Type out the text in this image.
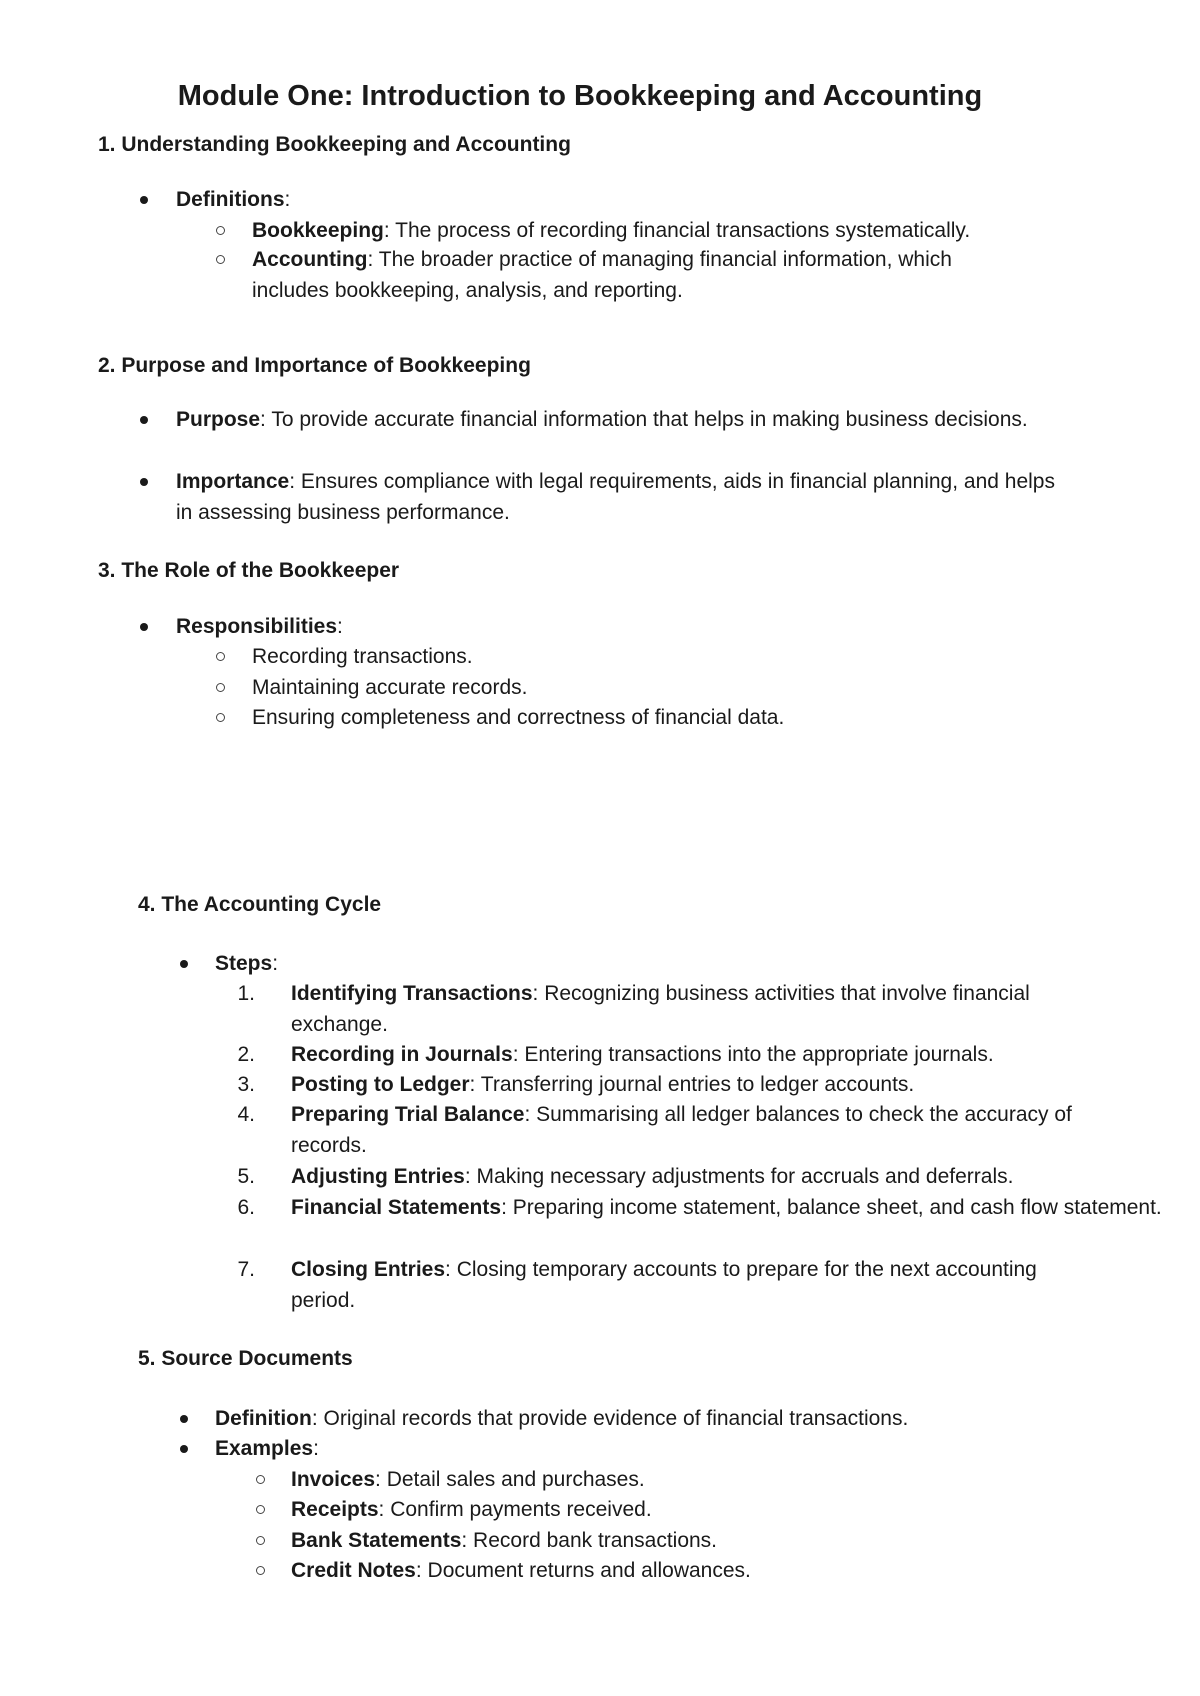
Module One: Introduction to Bookkeeping and Accounting
1. Understanding Bookkeeping and Accounting
Definitions:
Bookkeeping: The process of recording financial transactions systematically.
Accounting: The broader practice of managing financial information, which includes bookkeeping, analysis, and reporting.
2. Purpose and Importance of Bookkeeping
Purpose: To provide accurate financial information that helps in making business decisions.
Importance: Ensures compliance with legal requirements, aids in financial planning, and helps in assessing business performance.
3. The Role of the Bookkeeper
Responsibilities:
Recording transactions.
Maintaining accurate records.
Ensuring completeness and correctness of financial data.
4. The Accounting Cycle
Steps:
1. Identifying Transactions: Recognizing business activities that involve financial exchange.
2. Recording in Journals: Entering transactions into the appropriate journals.
3. Posting to Ledger: Transferring journal entries to ledger accounts.
4. Preparing Trial Balance: Summarising all ledger balances to check the accuracy of records.
5. Adjusting Entries: Making necessary adjustments for accruals and deferrals.
6. Financial Statements: Preparing income statement, balance sheet, and cash flow statement.
7. Closing Entries: Closing temporary accounts to prepare for the next accounting period.
5. Source Documents
Definition: Original records that provide evidence of financial transactions.
Examples:
Invoices: Detail sales and purchases.
Receipts: Confirm payments received.
Bank Statements: Record bank transactions.
Credit Notes: Document returns and allowances.
